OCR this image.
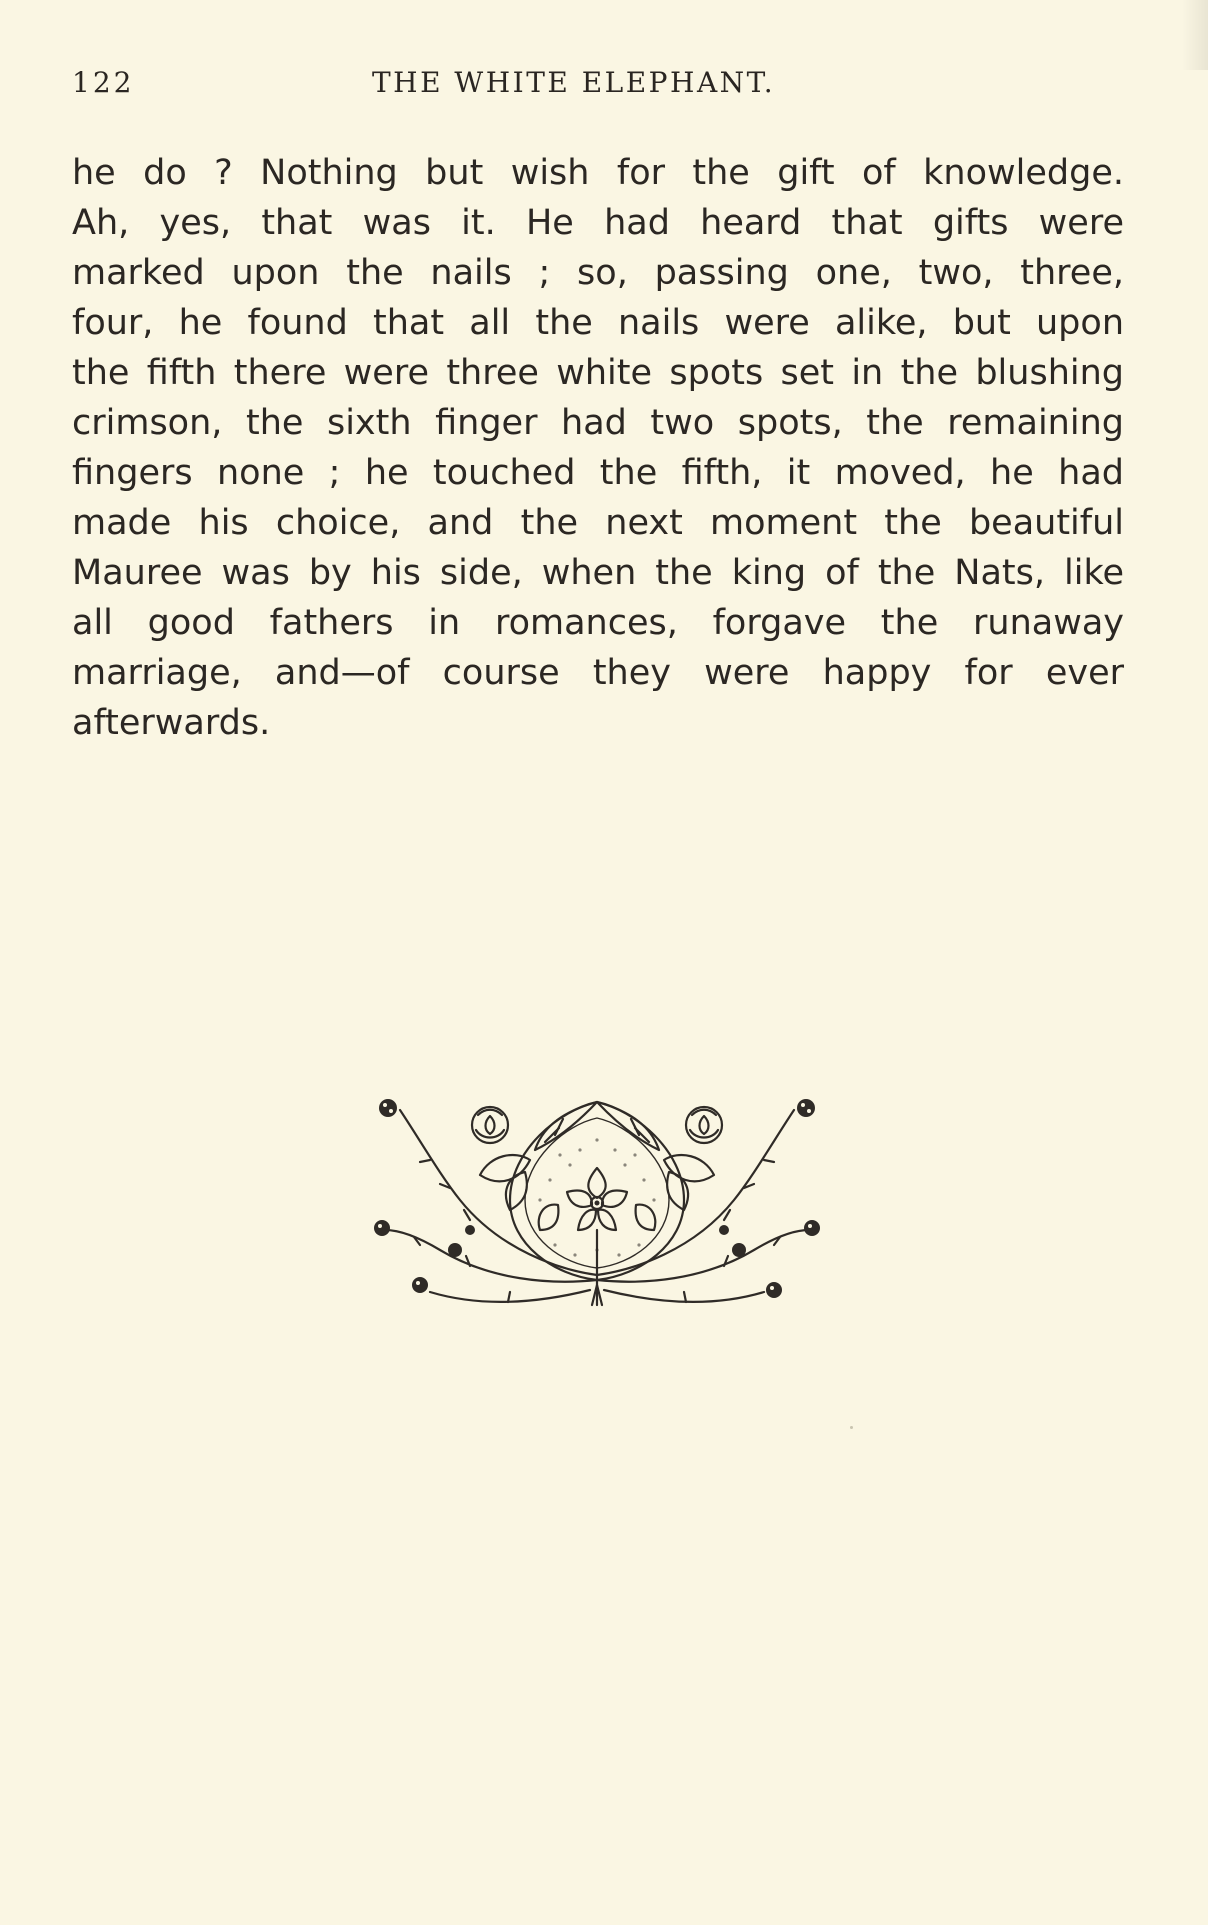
122	THE WHITE ELEPHANT.
he do ? Nothing but wish for the gift of knowledge.
Ah, yes, that was it. He had heard that gifts were
marked upon the nails ; so, passing one, two, three,
four, he found that all the nails were alike, but upon
the fifth there were three white spots set in the blushing
crimson, the sixth finger had two spots, the remaining
fingers none ; he touched the fifth, it moved, he had
made his choice, and the next moment the beautiful
Mauree was by his side, when the king of the Nats, like
all good fathers in romances, forgave the runaway
marriage, and—of course they were happy for ever
afterwards.
